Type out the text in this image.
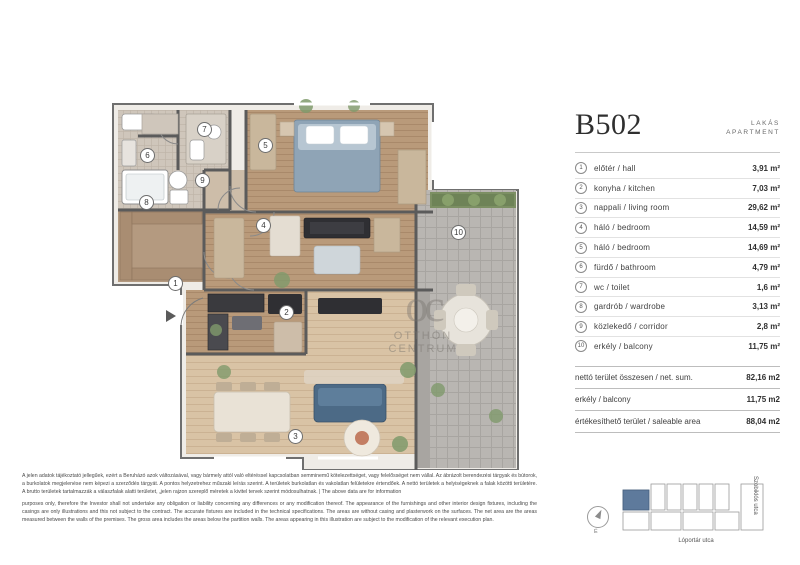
oc
OTTHON
CENTRUM
1
2
3
4
5
6
7
8
9
10

A jelen adatok tájékoztató jellegűek, ezért a Beruházó azok változásával, vagy bármely attól való eltéréssel kapcsolatban semminemű kötelezettséget, vagy felelősséget nem vállal. Az ábrázolt berendezési tárgyak és bútorok, a burkolatok megjelenése nem képezi a szerződés tárgyát. A pontos helyzetrehez műszaki leírás szerint. A területek burkolatlan és vakolatlan felületekre értendőek. A nettó területek a helyiségeknek a falak közötti területére. A brutto területek tartalmazzák a válaszfalak alatti területet, „jelen rajzon szereplő méretek a kivitel tervek szerint módosulhatnak. | The above data are for information

purposes only, therefore the Investor shall not undertake any obligation or liability concerning any differences or any modification thereof. The appearance of the furnishings and other interior design fixtures, including the casings are only illustrations and this not subject to the contract. The accurate fixtures are included in the technical specifications. The areas are without casing and plasterwork on the surfaces. The net area are the areas measured between the walls of the premises. The gross area includes the areas below the partition walls. The areas appearing in this illustration are subject to the modification of the relevant execution plan.

B502	LAKÁS
APARTMENT
1	előtér / hall	3,91 m²
2	konyha / kitchen	7,03 m²
3	nappali / living room	29,62 m²
4	háló / bedroom	14,59 m²
5	háló / bedroom	14,69 m²
6	fürdő / bathroom	4,79 m²
7	wc / toilet	1,6 m²
8	gardrób / wardrobe	3,13 m²
9	közlekedő / corridor	2,8 m²
10	erkély / balcony	11,75 m²
nettó terület összesen / net. sum.	82,16 m2
erkély / balcony	11,75 m2
értékesíthető terület / saleable area	88,04 m2
É
Lóportár utca
Szobiklós utca
